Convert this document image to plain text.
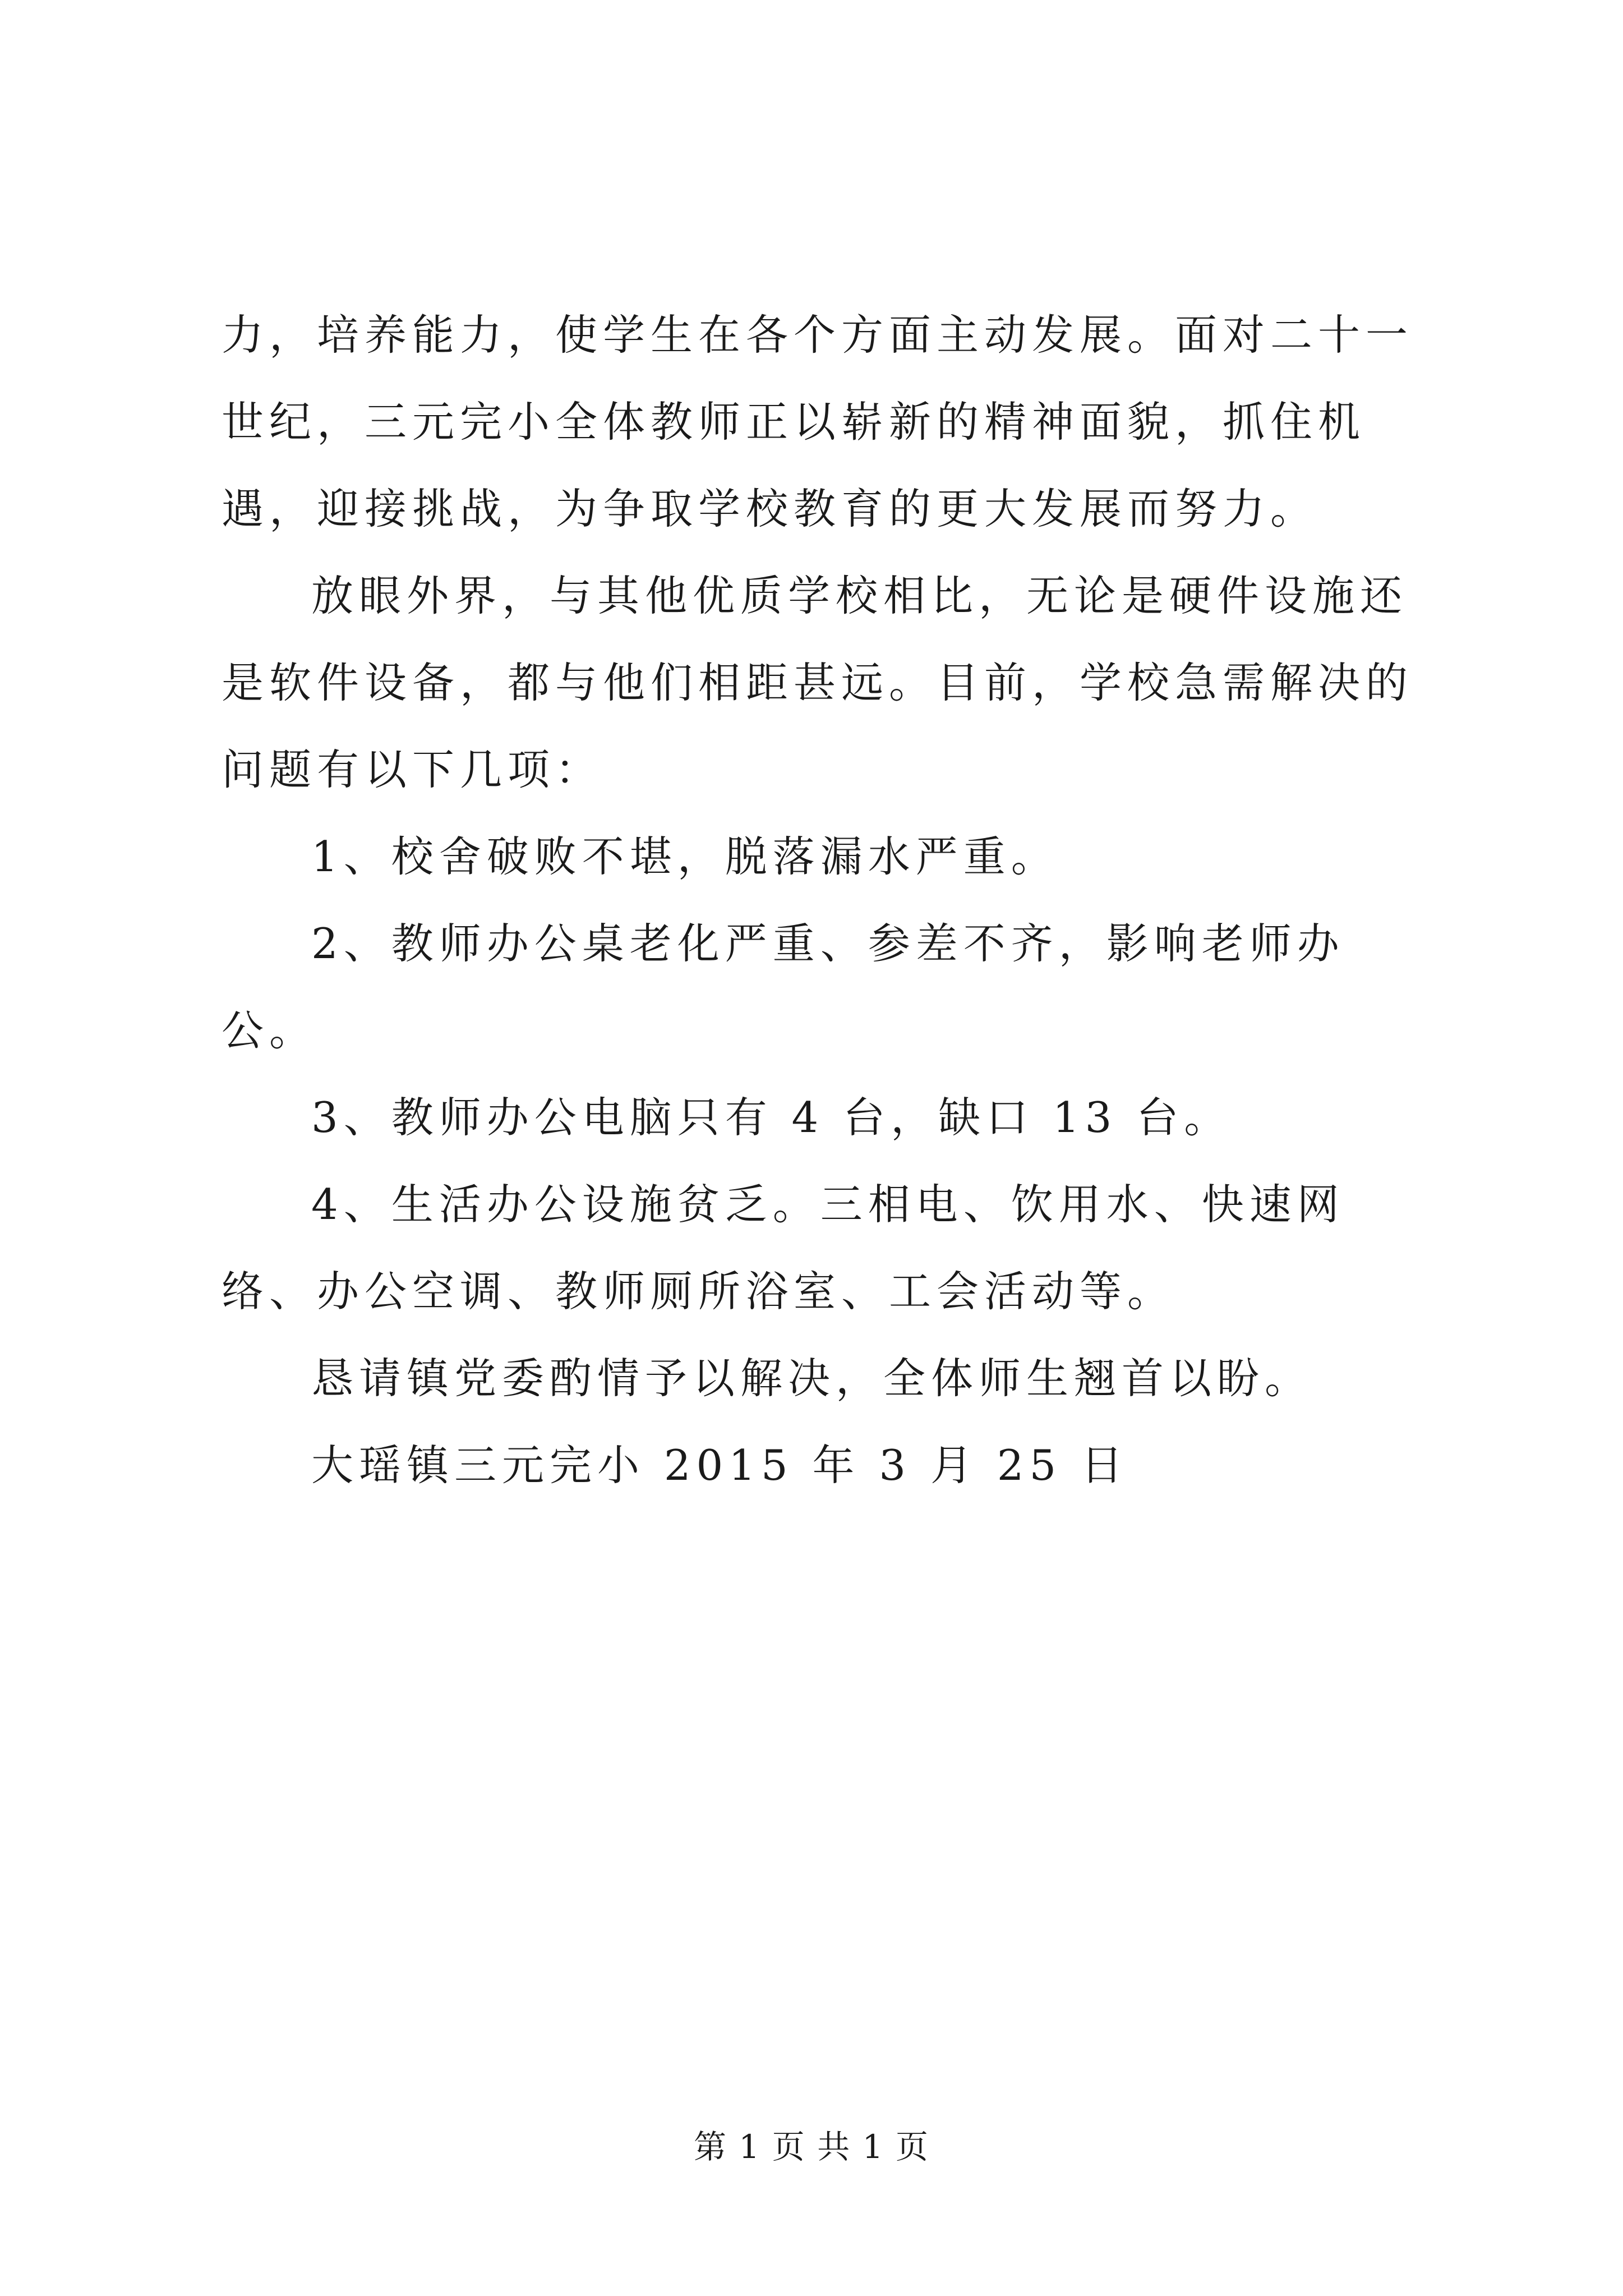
力，培养能力，使学生在各个方面主动发展。面对二十一世纪，三元完小全体教师正以崭新的精神面貌，抓住机遇，迎接挑战，为争取学校教育的更大发展而努力。

放眼外界，与其他优质学校相比，无论是硬件设施还是软件设备，都与他们相距甚远。目前，学校急需解决的问题有以下几项：

1、校舍破败不堪，脱落漏水严重。

2、教师办公桌老化严重、参差不齐，影响老师办公。

3、教师办公电脑只有 4 台，缺口 13 台。

4、生活办公设施贫乏。三相电、饮用水、快速网络、办公空调、教师厕所浴室、工会活动等。

恳请镇党委酌情予以解决，全体师生翘首以盼。

大瑶镇三元完小 2015 年 3 月 25 日

第 1 页 共 1 页
